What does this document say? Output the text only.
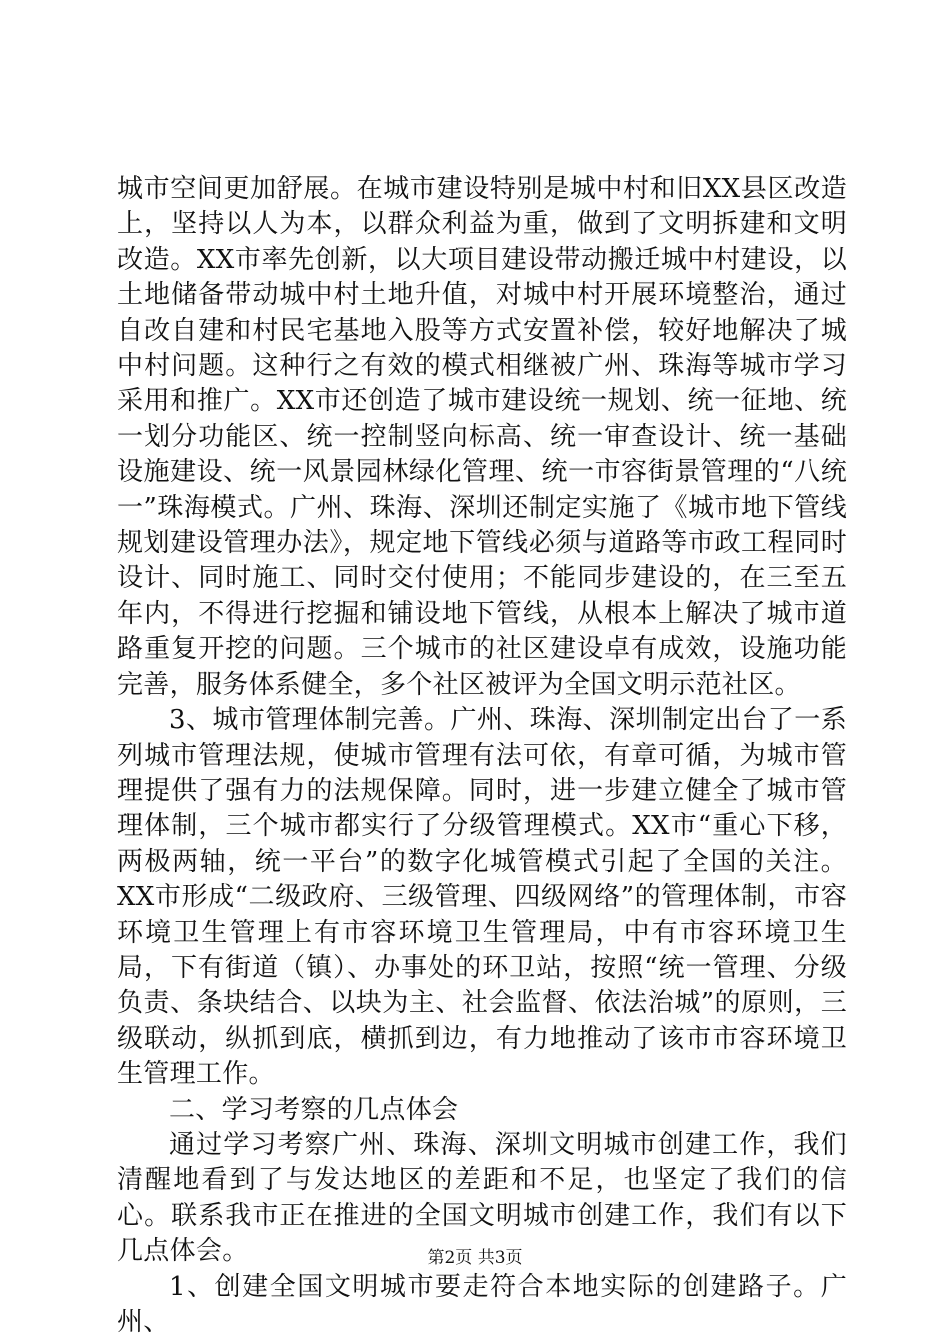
城市空间更加舒展。在城市建设特别是城中村和旧XX县区改造上，坚持以人为本，以群众利益为重，做到了文明拆建和文明改造。XX市率先创新，以大项目建设带动搬迁城中村建设，以土地储备带动城中村土地升值，对城中村开展环境整治，通过自改自建和村民宅基地入股等方式安置补偿，较好地解决了城中村问题。这种行之有效的模式相继被广州、珠海等城市学习采用和推广。XX市还创造了城市建设统一规划、统一征地、统一划分功能区、统一控制竖向标高、统一审查设计、统一基础设施建设、统一风景园林绿化管理、统一市容街景管理的“八统一”珠海模式。广州、珠海、深圳还制定实施了《城市地下管线规划建设管理办法》，规定地下管线必须与道路等市政工程同时设计、同时施工、同时交付使用；不能同步建设的，在三至五年内，不得进行挖掘和铺设地下管线，从根本上解决了城市道路重复开挖的问题。三个城市的社区建设卓有成效，设施功能完善，服务体系健全，多个社区被评为全国文明示范社区。

3、城市管理体制完善。广州、珠海、深圳制定出台了一系列城市管理法规，使城市管理有法可依，有章可循，为城市管理提供了强有力的法规保障。同时，进一步建立健全了城市管理体制，三个城市都实行了分级管理模式。XX市“重心下移，两极两轴，统一平台”的数字化城管模式引起了全国的关注。XX市形成“二级政府、三级管理、四级网络”的管理体制，市容环境卫生管理上有市容环境卫生管理局，中有市容环境卫生局，下有街道（镇）、办事处的环卫站，按照“统一管理、分级负责、条块结合、以块为主、社会监督、依法治城”的原则，三级联动，纵抓到底，横抓到边，有力地推动了该市市容环境卫生管理工作。

二、学习考察的几点体会

通过学习考察广州、珠海、深圳文明城市创建工作，我们清醒地看到了与发达地区的差距和不足，也坚定了我们的信心。联系我市正在推进的全国文明城市创建工作，我们有以下几点体会。

1、创建全国文明城市要走符合本地实际的创建路子。广州、

第2页 共3页
